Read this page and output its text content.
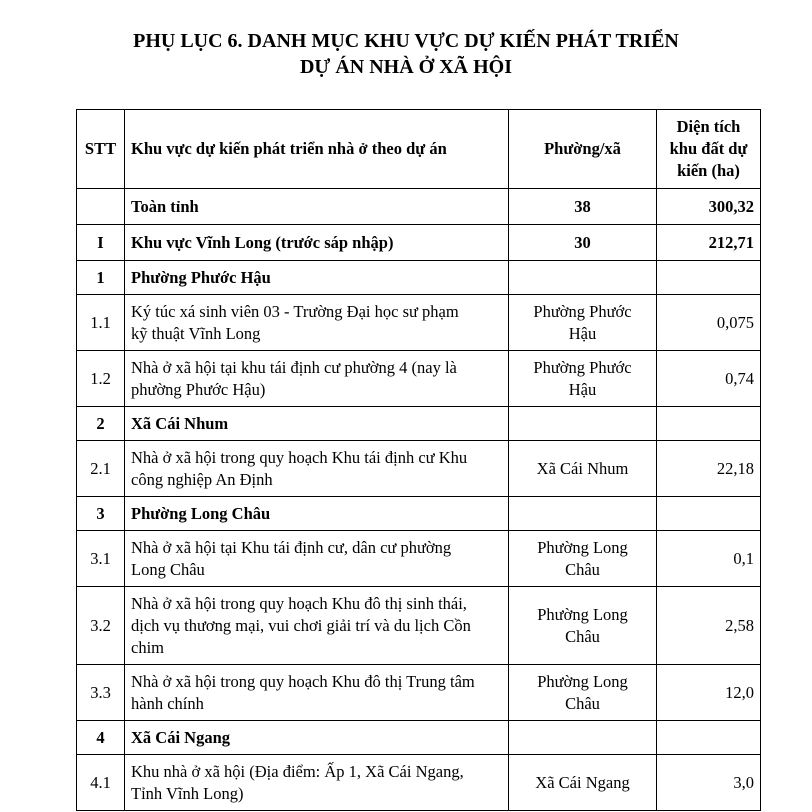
PHỤ LỤC 6. DANH MỤC KHU VỰC DỰ KIẾN PHÁT TRIỂN
DỰ ÁN NHÀ Ở XÃ HỘI
STT	Khu vực dự kiến phát triển nhà ở theo dự án	Phường/xã	Diện tích
khu đất dự
kiến (ha)
	Toàn tỉnh	38	300,32
I	Khu vực Vĩnh Long (trước sáp nhập)	30	212,71
1	Phường Phước Hậu		
1.1	Ký túc xá sinh viên 03 - Trường Đại học sư phạm
kỹ thuật Vĩnh Long	Phường Phước
Hậu	0,075
1.2	Nhà ở xã hội tại khu tái định cư phường 4 (nay là
phường Phước Hậu)	Phường Phước
Hậu	0,74
2	Xã Cái Nhum		
2.1	Nhà ở xã hội trong quy hoạch Khu tái định cư Khu
công nghiệp An Định	Xã Cái Nhum	22,18
3	Phường Long Châu		
3.1	Nhà ở xã hội tại Khu tái định cư, dân cư phường
Long Châu	Phường Long
Châu	0,1
3.2	Nhà ở xã hội trong quy hoạch Khu đô thị sinh thái,
dịch vụ thương mại, vui chơi giải trí và du lịch Cồn
chim	Phường Long
Châu	2,58
3.3	Nhà ở xã hội trong quy hoạch Khu đô thị Trung tâm
hành chính	Phường Long
Châu	12,0
4	Xã Cái Ngang		
4.1	Khu nhà ở xã hội (Địa điểm: Ấp 1, Xã Cái Ngang,
Tỉnh Vĩnh Long)	Xã Cái Ngang	3,0
